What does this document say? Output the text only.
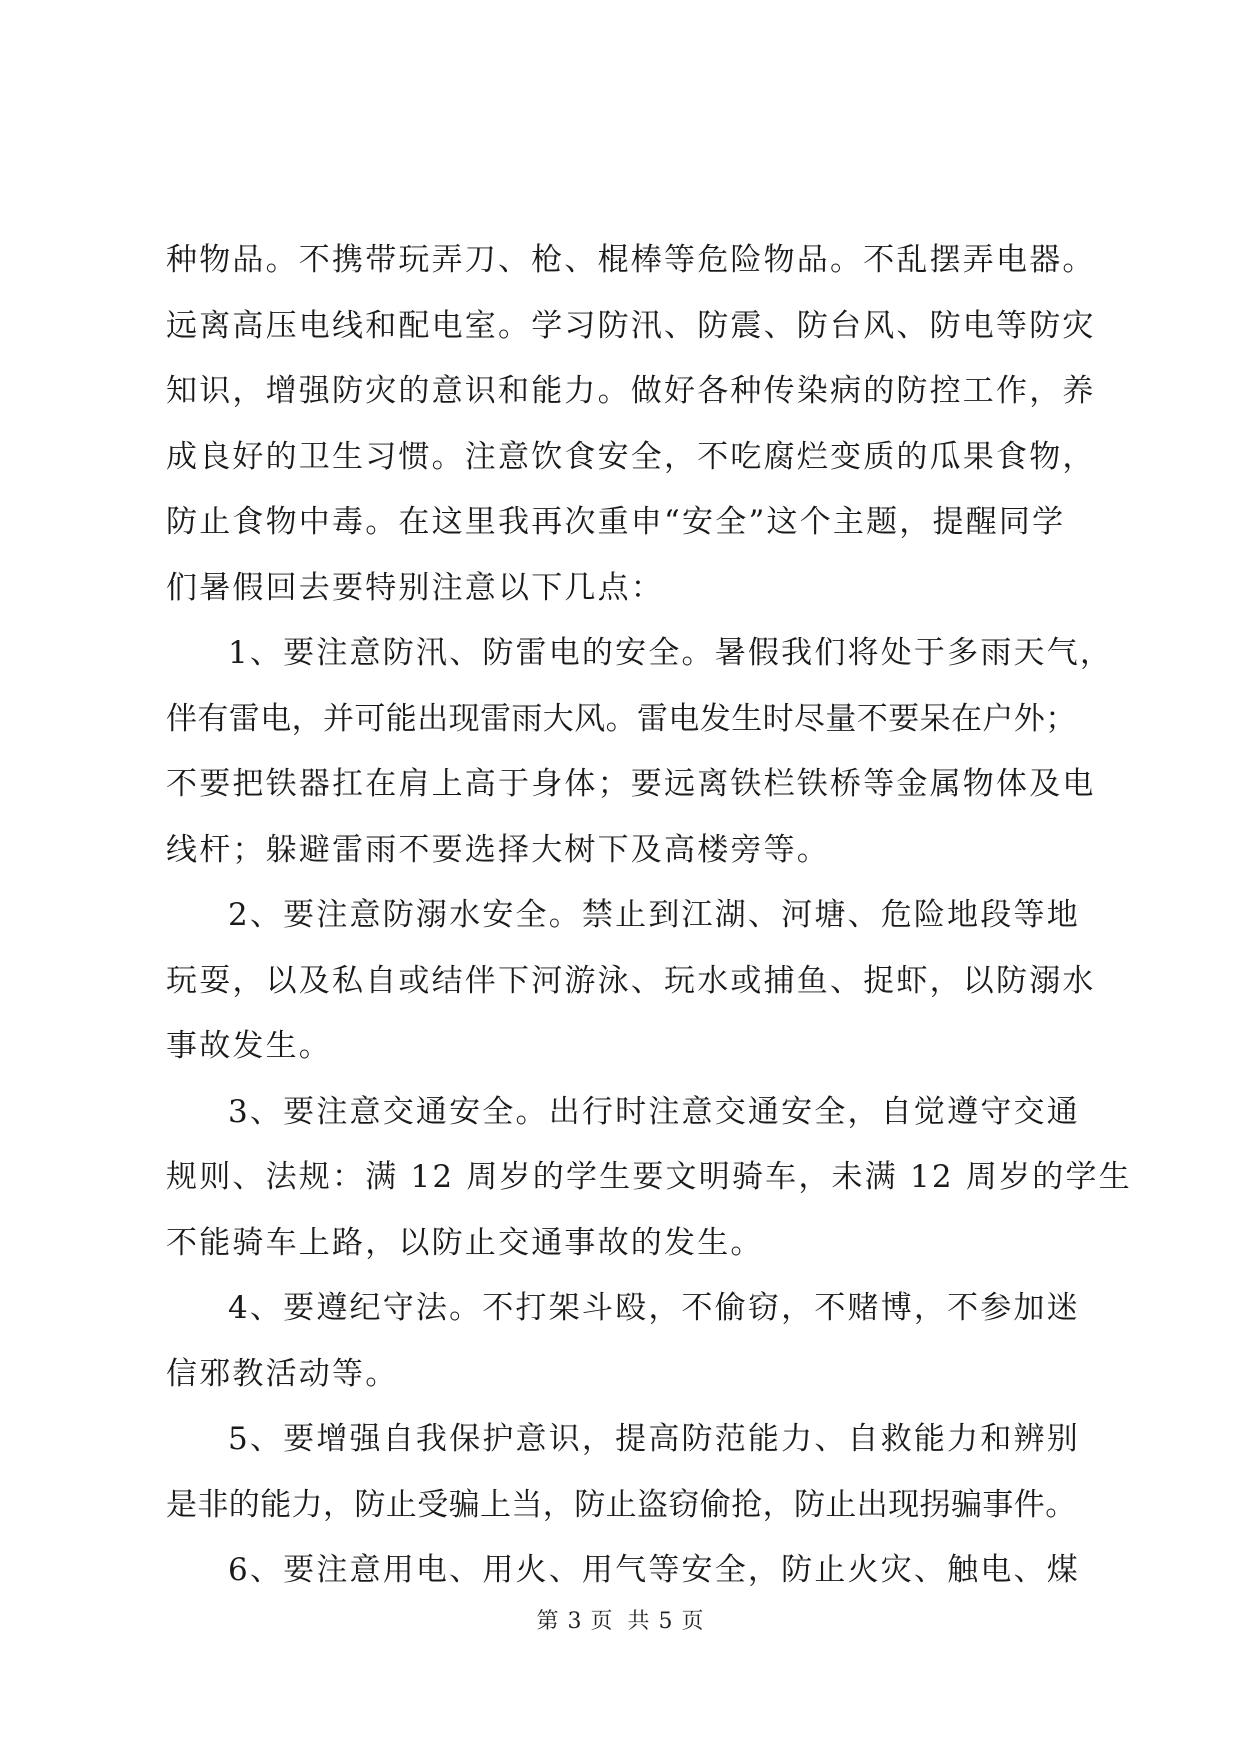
种物品。不携带玩弄刀、枪、棍棒等危险物品。不乱摆弄电器。
远离高压电线和配电室。学习防汛、防震、防台风、防电等防灾
知识，增强防灾的意识和能力。做好各种传染病的防控工作，养
成良好的卫生习惯。注意饮食安全，不吃腐烂变质的瓜果食物，
防止食物中毒。在这里我再次重申“安全”这个主题，提醒同学
们暑假回去要特别注意以下几点：
1、要注意防汛、防雷电的安全。暑假我们将处于多雨天气，
伴有雷电，并可能出现雷雨大风。雷电发生时尽量不要呆在户外；
不要把铁器扛在肩上高于身体；要远离铁栏铁桥等金属物体及电
线杆；躲避雷雨不要选择大树下及高楼旁等。
2、要注意防溺水安全。禁止到江湖、河塘、危险地段等地
玩耍，以及私自或结伴下河游泳、玩水或捕鱼、捉虾，以防溺水
事故发生。
3、要注意交通安全。出行时注意交通安全，自觉遵守交通
规则、法规：满 12 周岁的学生要文明骑车，未满 12 周岁的学生
不能骑车上路，以防止交通事故的发生。
4、要遵纪守法。不打架斗殴，不偷窃，不赌博，不参加迷
信邪教活动等。
5、要增强自我保护意识，提高防范能力、自救能力和辨别
是非的能力，防止受骗上当，防止盗窃偷抢，防止出现拐骗事件。
6、要注意用电、用火、用气等安全，防止火灾、触电、煤
第 3 页 共 5 页
